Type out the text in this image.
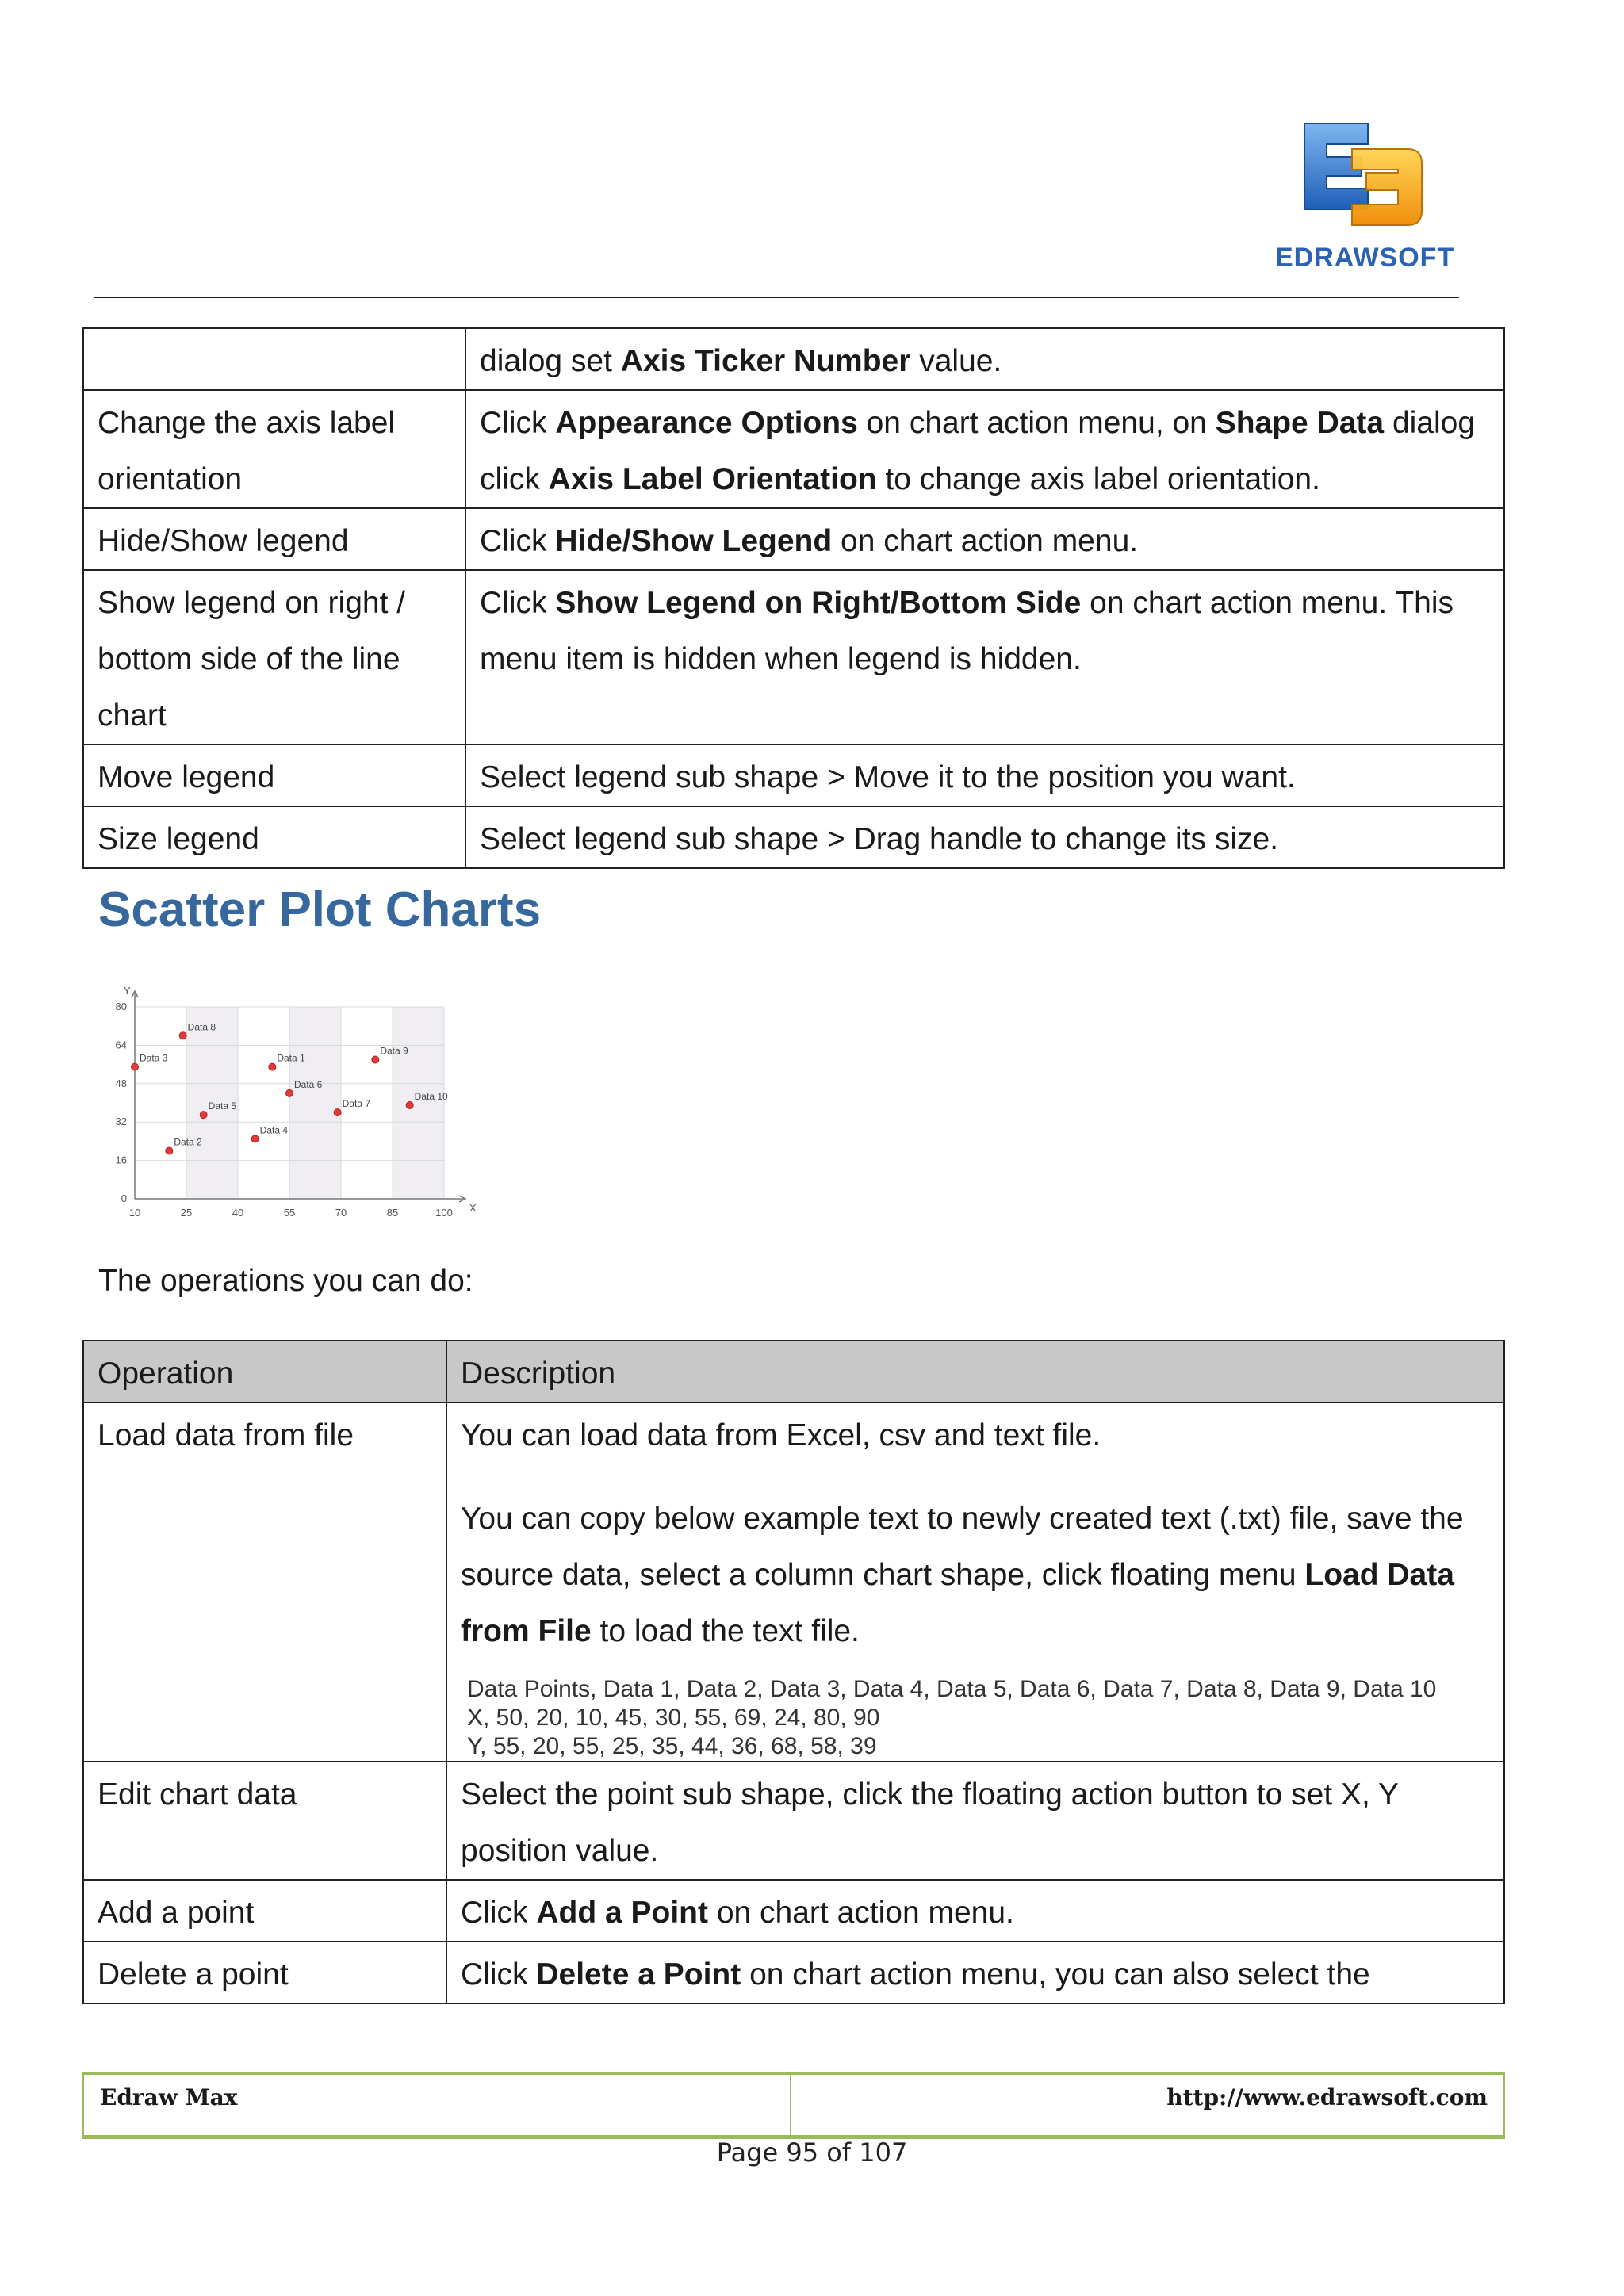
EDRAWSOFT
	dialog set Axis Ticker Number value.
Change the axis label orientation	Click Appearance Options on chart action menu, on Shape Data dialog click Axis Label Orientation to change axis label orientation.
Hide/Show legend	Click Hide/Show Legend on chart action menu.
Show legend on right / bottom side of the line chart	Click Show Legend on Right/Bottom Side on chart action menu. This menu item is hidden when legend is hidden.
Move legend	Select legend sub shape > Move it to the position you want.
Size legend	Select legend sub shape > Drag handle to change its size.
Scatter Plot Charts
10	25	40	55	70	85	100
0
16
32
48
64
80
X
Y
Data 1
Data 2
Data 3
Data 4
Data 5
Data 6
Data 7
Data 8
Data 9
Data 10
The operations you can do:
Operation	Description
Load data from file	You can load data from Excel, csv and text file.
You can copy below example text to newly created text (.txt) file, save the source data, select a column chart shape, click floating menu Load Data from File to load the text file.
Data Points, Data 1, Data 2, Data 3, Data 4, Data 5, Data 6, Data 7, Data 8, Data 9, Data 10
X, 50, 20, 10, 45, 30, 55, 69, 24, 80, 90
Y, 55, 20, 55, 25, 35, 44, 36, 68, 58, 39

Edit chart data	Select the point sub shape, click the floating action button to set X, Y position value.

Add a point	Click Add a Point on chart action menu.

Delete a point	Click Delete a Point on chart action menu, you can also select the
Edraw Max	http://www.edrawsoft.com
Page 95 of 107
